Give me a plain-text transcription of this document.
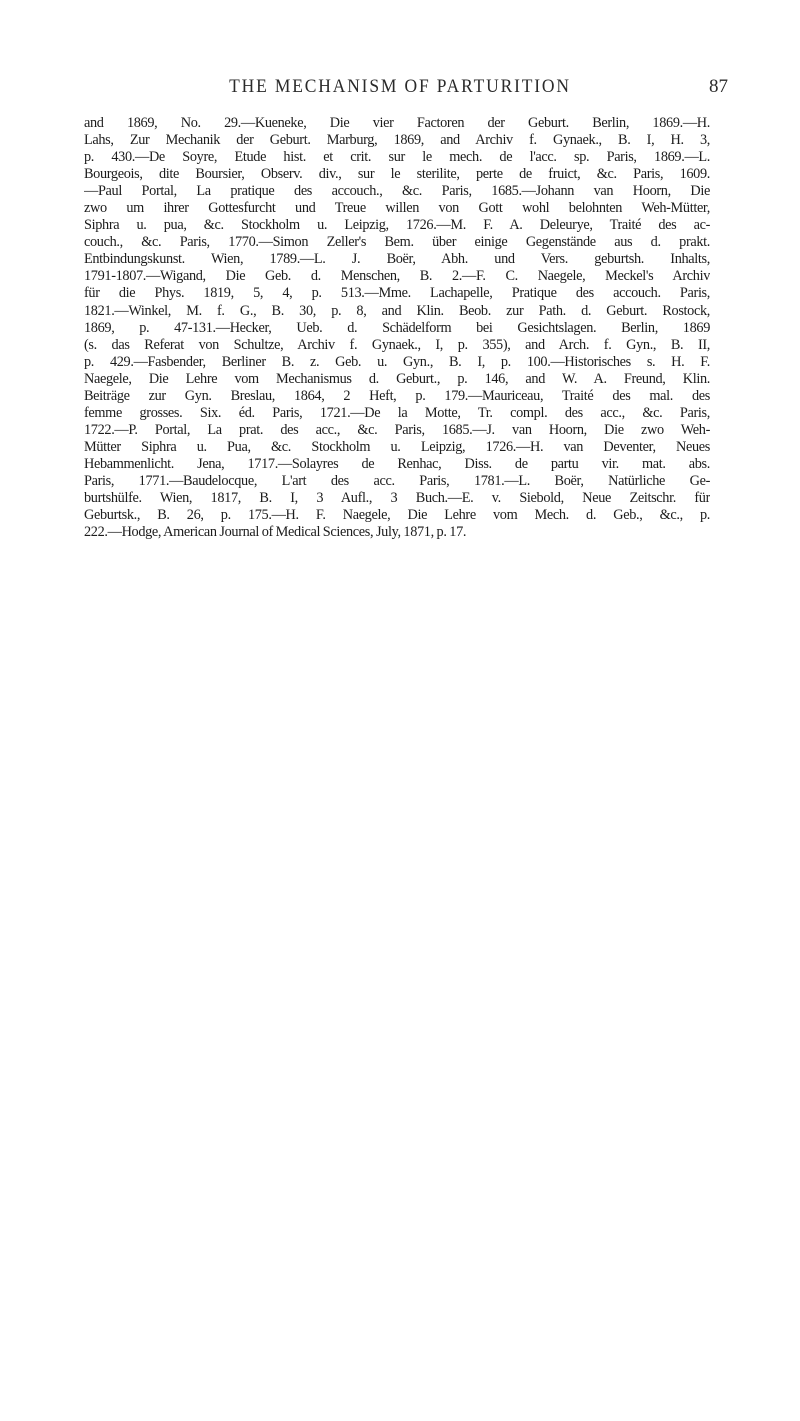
THE MECHANISM OF PARTURITION	87
and 1869, No. 29.—Kueneke, Die vier Factoren der Geburt. Berlin, 1869.—H.
Lahs, Zur Mechanik der Geburt. Marburg, 1869, and Archiv f. Gynaek., B. I, H. 3,
p. 430.—De Soyre, Etude hist. et crit. sur le mech. de l'acc. sp. Paris, 1869.—L.
Bourgeois, dite Boursier, Observ. div., sur le sterilite, perte de fruict, &c. Paris, 1609.
—Paul Portal, La pratique des accouch., &c. Paris, 1685.—Johann van Hoorn, Die
zwo um ihrer Gottesfurcht und Treue willen von Gott wohl belohnten Weh-Mütter,
Siphra u. pua, &c. Stockholm u. Leipzig, 1726.—M. F. A. Deleurye, Traité des ac-
couch., &c. Paris, 1770.—Simon Zeller's Bem. über einige Gegenstände aus d. prakt.
Entbindungskunst. Wien, 1789.—L. J. Boër, Abh. und Vers. geburtsh. Inhalts,
1791-1807.—Wigand, Die Geb. d. Menschen, B. 2.—F. C. Naegele, Meckel's Archiv
für die Phys. 1819, 5, 4, p. 513.—Mme. Lachapelle, Pratique des accouch. Paris,
1821.—Winkel, M. f. G., B. 30, p. 8, and Klin. Beob. zur Path. d. Geburt. Rostock,
1869, p. 47-131.—Hecker, Ueb. d. Schädelform bei Gesichtslagen. Berlin, 1869
(s. das Referat von Schultze, Archiv f. Gynaek., I, p. 355), and Arch. f. Gyn., B. II,
p. 429.—Fasbender, Berliner B. z. Geb. u. Gyn., B. I, p. 100.—Historisches s. H. F.
Naegele, Die Lehre vom Mechanismus d. Geburt., p. 146, and W. A. Freund, Klin.
Beiträge zur Gyn. Breslau, 1864, 2 Heft, p. 179.—Mauriceau, Traité des mal. des
femme grosses. Six. éd. Paris, 1721.—De la Motte, Tr. compl. des acc., &c. Paris,
1722.—P. Portal, La prat. des acc., &c. Paris, 1685.—J. van Hoorn, Die zwo Weh-
Mütter Siphra u. Pua, &c. Stockholm u. Leipzig, 1726.—H. van Deventer, Neues
Hebammenlicht. Jena, 1717.—Solayres de Renhac, Diss. de partu vir. mat. abs.
Paris, 1771.—Baudelocque, L'art des acc. Paris, 1781.—L. Boër, Natürliche Ge-
burtshülfe. Wien, 1817, B. I, 3 Aufl., 3 Buch.—E. v. Siebold, Neue Zeitschr. für
Geburtsk., B. 26, p. 175.—H. F. Naegele, Die Lehre vom Mech. d. Geb., &c., p.
222.—Hodge, American Journal of Medical Sciences, July, 1871, p. 17.
